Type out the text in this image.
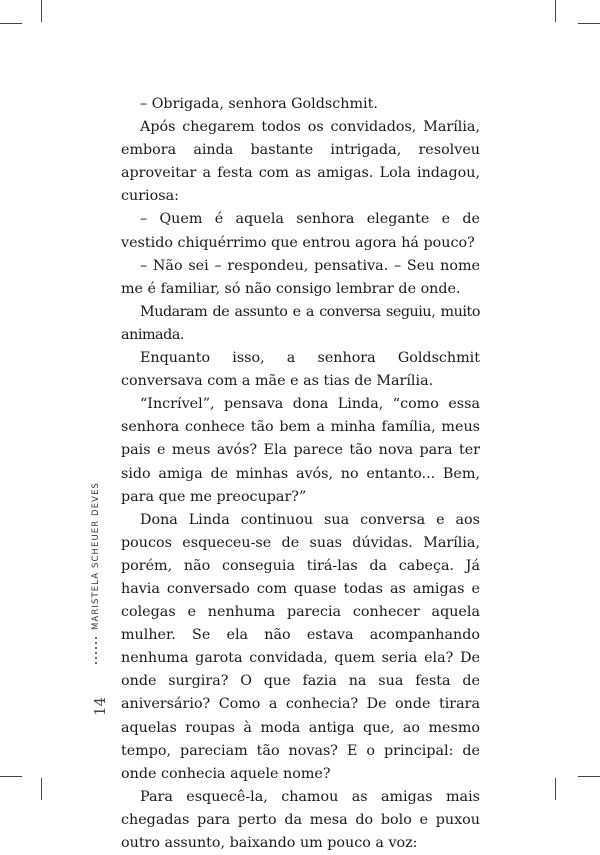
– Obrigada, senhora Goldschmit.

Após chegarem todos os convidados, Marília, embora ainda bastante intrigada, resolveu aproveitar a festa com as amigas. Lola indagou, curiosa:

– Quem é aquela senhora elegante e de vestido chiquérrimo que entrou agora há pouco?

– Não sei – respondeu, pensativa. – Seu nome me é familiar, só não consigo lembrar de onde.

Mudaram de assunto e a conversa seguiu, muito animada.

Enquanto isso, a senhora Goldschmit conversava com a mãe e as tias de Marília.

“Incrível”, pensava dona Linda, “como essa senhora conhece tão bem a minha família, meus pais e meus avós? Ela parece tão nova para ter sido amiga de minhas avós, no entanto... Bem, para que me preocupar?”

Dona Linda continuou sua conversa e aos poucos esqueceu-se de suas dúvidas. Marília, porém, não conseguia tirá-las da cabeça. Já havia conversado com quase todas as amigas e colegas e nenhuma parecia conhecer aquela mulher. Se ela não estava acompanhando nenhuma garota convidada, quem seria ela? De onde surgira? O que fazia na sua festa de aniversário? Como a conhecia? De onde tirara aquelas roupas à moda antiga que, ao mesmo tempo, pareciam tão novas? E o principal: de onde conhecia aquele nome?

Para esquecê-la, chamou as amigas mais chegadas para perto da mesa do bolo e puxou outro assunto, baixando um pouco a voz:

MARISTELA SCHEUER DEVES
14
